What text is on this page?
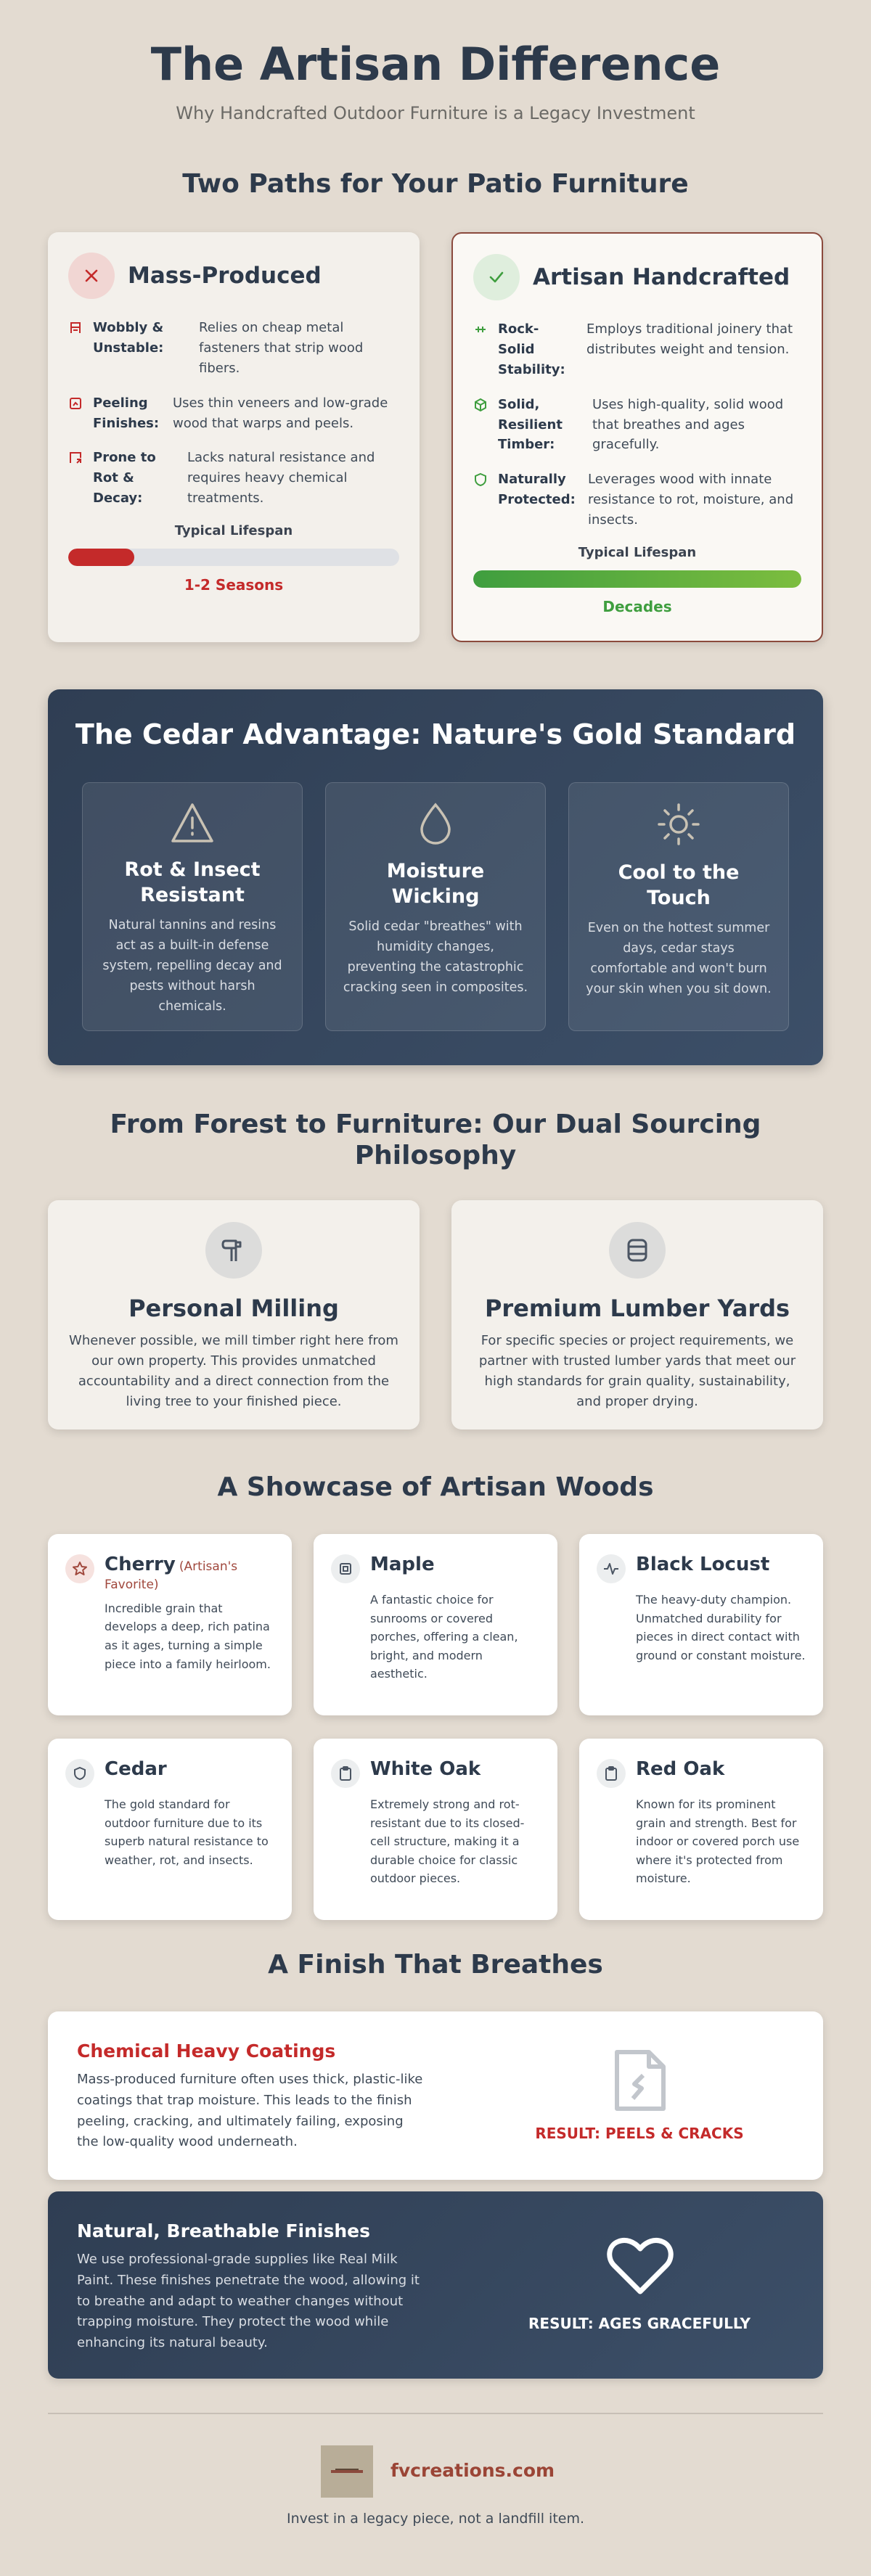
The Artisan Difference
Why Handcrafted Outdoor Furniture is a Legacy Investment
Two Paths for Your Patio Furniture
Mass-Produced
Wobbly & Unstable:
Relies on cheap metal fasteners that strip wood fibers.
Peeling Finishes:
Uses thin veneers and low-grade wood that warps and peels.
Prone to Rot & Decay:
Lacks natural resistance and requires heavy chemical treatments.
Typical Lifespan
1-2 Seasons
Artisan Handcrafted
Rock-Solid Stability:
Employs traditional joinery that distributes weight and tension.
Solid, Resilient Timber:
Uses high-quality, solid wood that breathes and ages gracefully.
Naturally Protected:
Leverages wood with innate resistance to rot, moisture, and insects.
Typical Lifespan
Decades
The Cedar Advantage: Nature's Gold Standard
Rot & Insect Resistant

Natural tannins and resins act as a built-in defense system, repelling decay and pests without harsh chemicals.

Moisture Wicking

Solid cedar "breathes" with humidity changes, preventing the catastrophic cracking seen in composites.

Cool to the Touch

Even on the hottest summer days, cedar stays comfortable and won't burn your skin when you sit down.

From Forest to Furniture: Our Dual Sourcing Philosophy
Personal Milling

Whenever possible, we mill timber right here from our own property. This provides unmatched accountability and a direct connection from the living tree to your finished piece.

Premium Lumber Yards

For specific species or project requirements, we partner with trusted lumber yards that meet our high standards for grain quality, sustainability, and proper drying.

A Showcase of Artisan Woods
Cherry (Artisan's Favorite)

Incredible grain that develops a deep, rich patina as it ages, turning a simple piece into a family heirloom.

Maple

A fantastic choice for sunrooms or covered porches, offering a clean, bright, and modern aesthetic.

Black Locust

The heavy-duty champion. Unmatched durability for pieces in direct contact with ground or constant moisture.

Cedar

The gold standard for outdoor furniture due to its superb natural resistance to weather, rot, and insects.

White Oak

Extremely strong and rot-resistant due to its closed-cell structure, making it a durable choice for classic outdoor pieces.

Red Oak

Known for its prominent grain and strength. Best for indoor or covered porch use where it's protected from moisture.

A Finish That Breathes
Chemical Heavy Coatings
Mass-produced furniture often uses thick, plastic-like coatings that trap moisture. This leads to the finish peeling, cracking, and ultimately failing, exposing the low-quality wood underneath.	RESULT: PEELS & CRACKS
Natural, Breathable Finishes
We use professional-grade supplies like Real Milk Paint. These finishes penetrate the wood, allowing it to breathe and adapt to weather changes without trapping moisture. They protect the wood while enhancing its natural beauty.
RESULT: AGES GRACEFULLY
fvcreations.com
Invest in a legacy piece, not a landfill item.
